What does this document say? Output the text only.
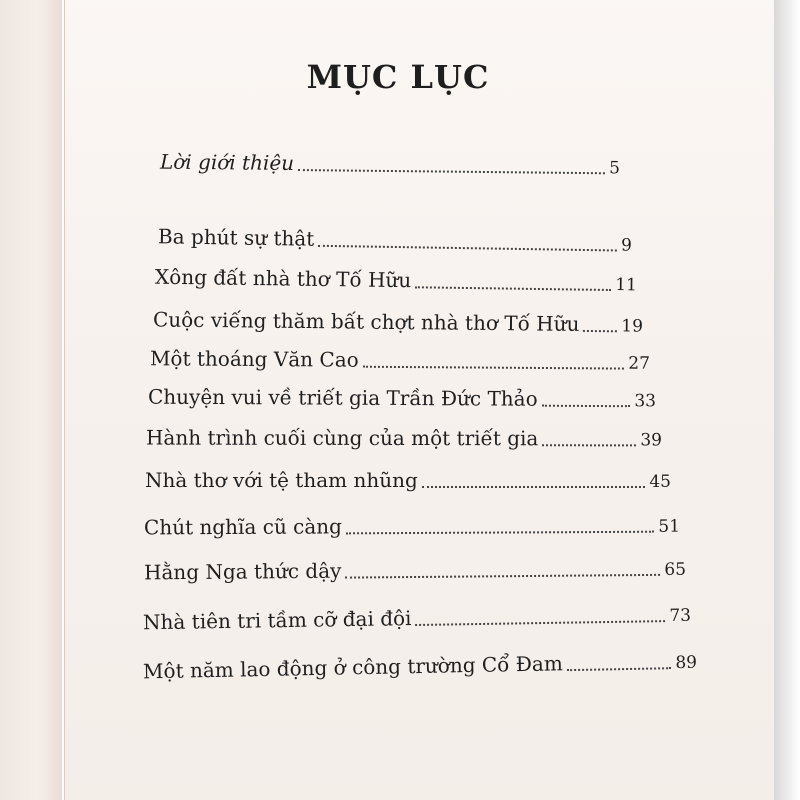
MỤC LỤC
Lời giới thiệu	5
Ba phút sự thật	9
Xông đất nhà thơ Tố Hữu	11
Cuộc viếng thăm bất chợt nhà thơ Tố Hữu 19
Một thoáng Văn Cao	27
Chuyện vui về triết gia Trần Đức Thảo	33
Hành trình cuối cùng của một triết gia	39
Nhà thơ với tệ tham nhũng	45
Chút nghĩa cũ càng	51
Hằng Nga thức dậy	65
Nhà tiên tri tầm cỡ đại đội	73
Một năm lao động ở công trường Cổ Đam	89
